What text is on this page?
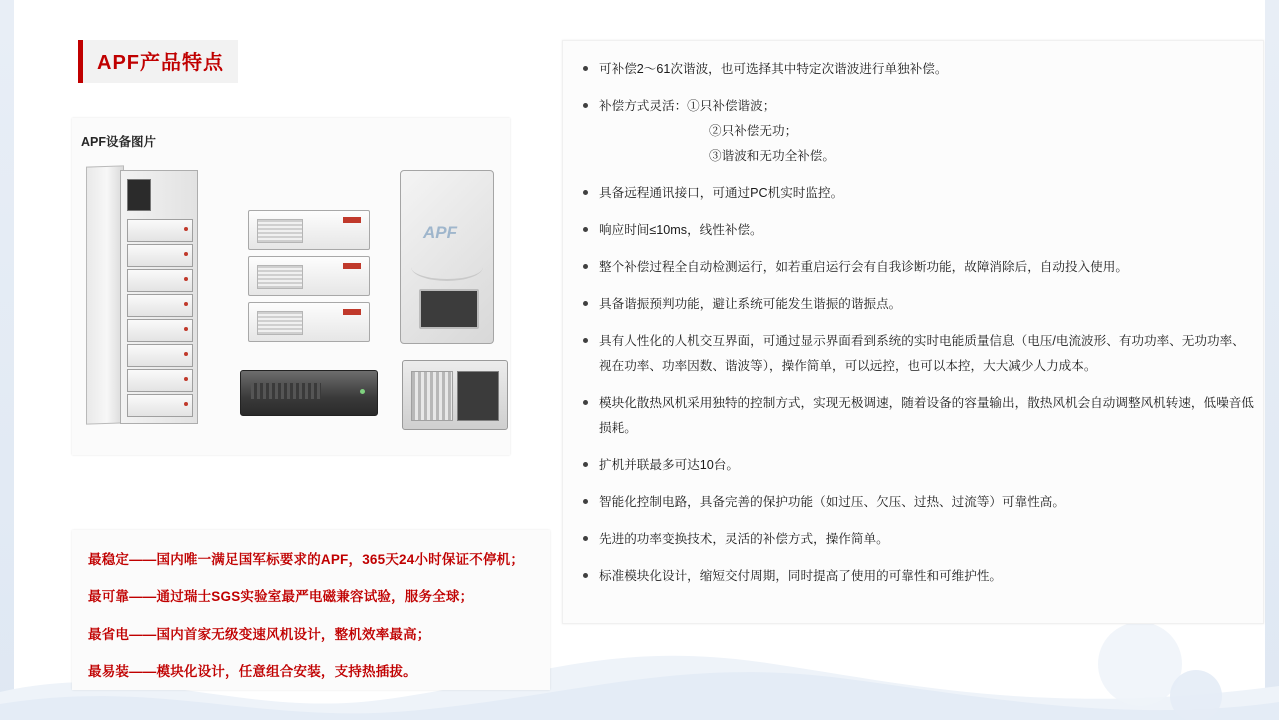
APF产品特点
APF设备图片
APF
最稳定——国内唯一满足国军标要求的APF，365天24小时保证不停机；
最可靠——通过瑞士SGS实验室最严电磁兼容试验，服务全球；
最省电——国内首家无级变速风机设计，整机效率最高；
最易装——模块化设计，任意组合安装，支持热插拔。
可补偿2～61次谐波，也可选择其中特定次谐波进行单独补偿。
补偿方式灵活：①只补偿谐波；
②只补偿无功；
③谐波和无功全补偿。
具备远程通讯接口，可通过PC机实时监控。
响应时间≤10ms，线性补偿。
整个补偿过程全自动检测运行，如若重启运行会有自我诊断功能，故障消除后，自动投入使用。
具备谐振预判功能，避让系统可能发生谐振的谐振点。
具有人性化的人机交互界面，可通过显示界面看到系统的实时电能质量信息（电压/电流波形、有功功率、无功功率、视在功率、功率因数、谐波等），操作简单，可以远控，也可以本控，大大减少人力成本。
模块化散热风机采用独特的控制方式，实现无极调速，随着设备的容量输出，散热风机会自动调整风机转速，低噪音低损耗。
扩机并联最多可达10台。
智能化控制电路，具备完善的保护功能（如过压、欠压、过热、过流等）可靠性高。
先进的功率变换技术，灵活的补偿方式，操作简单。
标准模块化设计，缩短交付周期，同时提高了使用的可靠性和可维护性。
